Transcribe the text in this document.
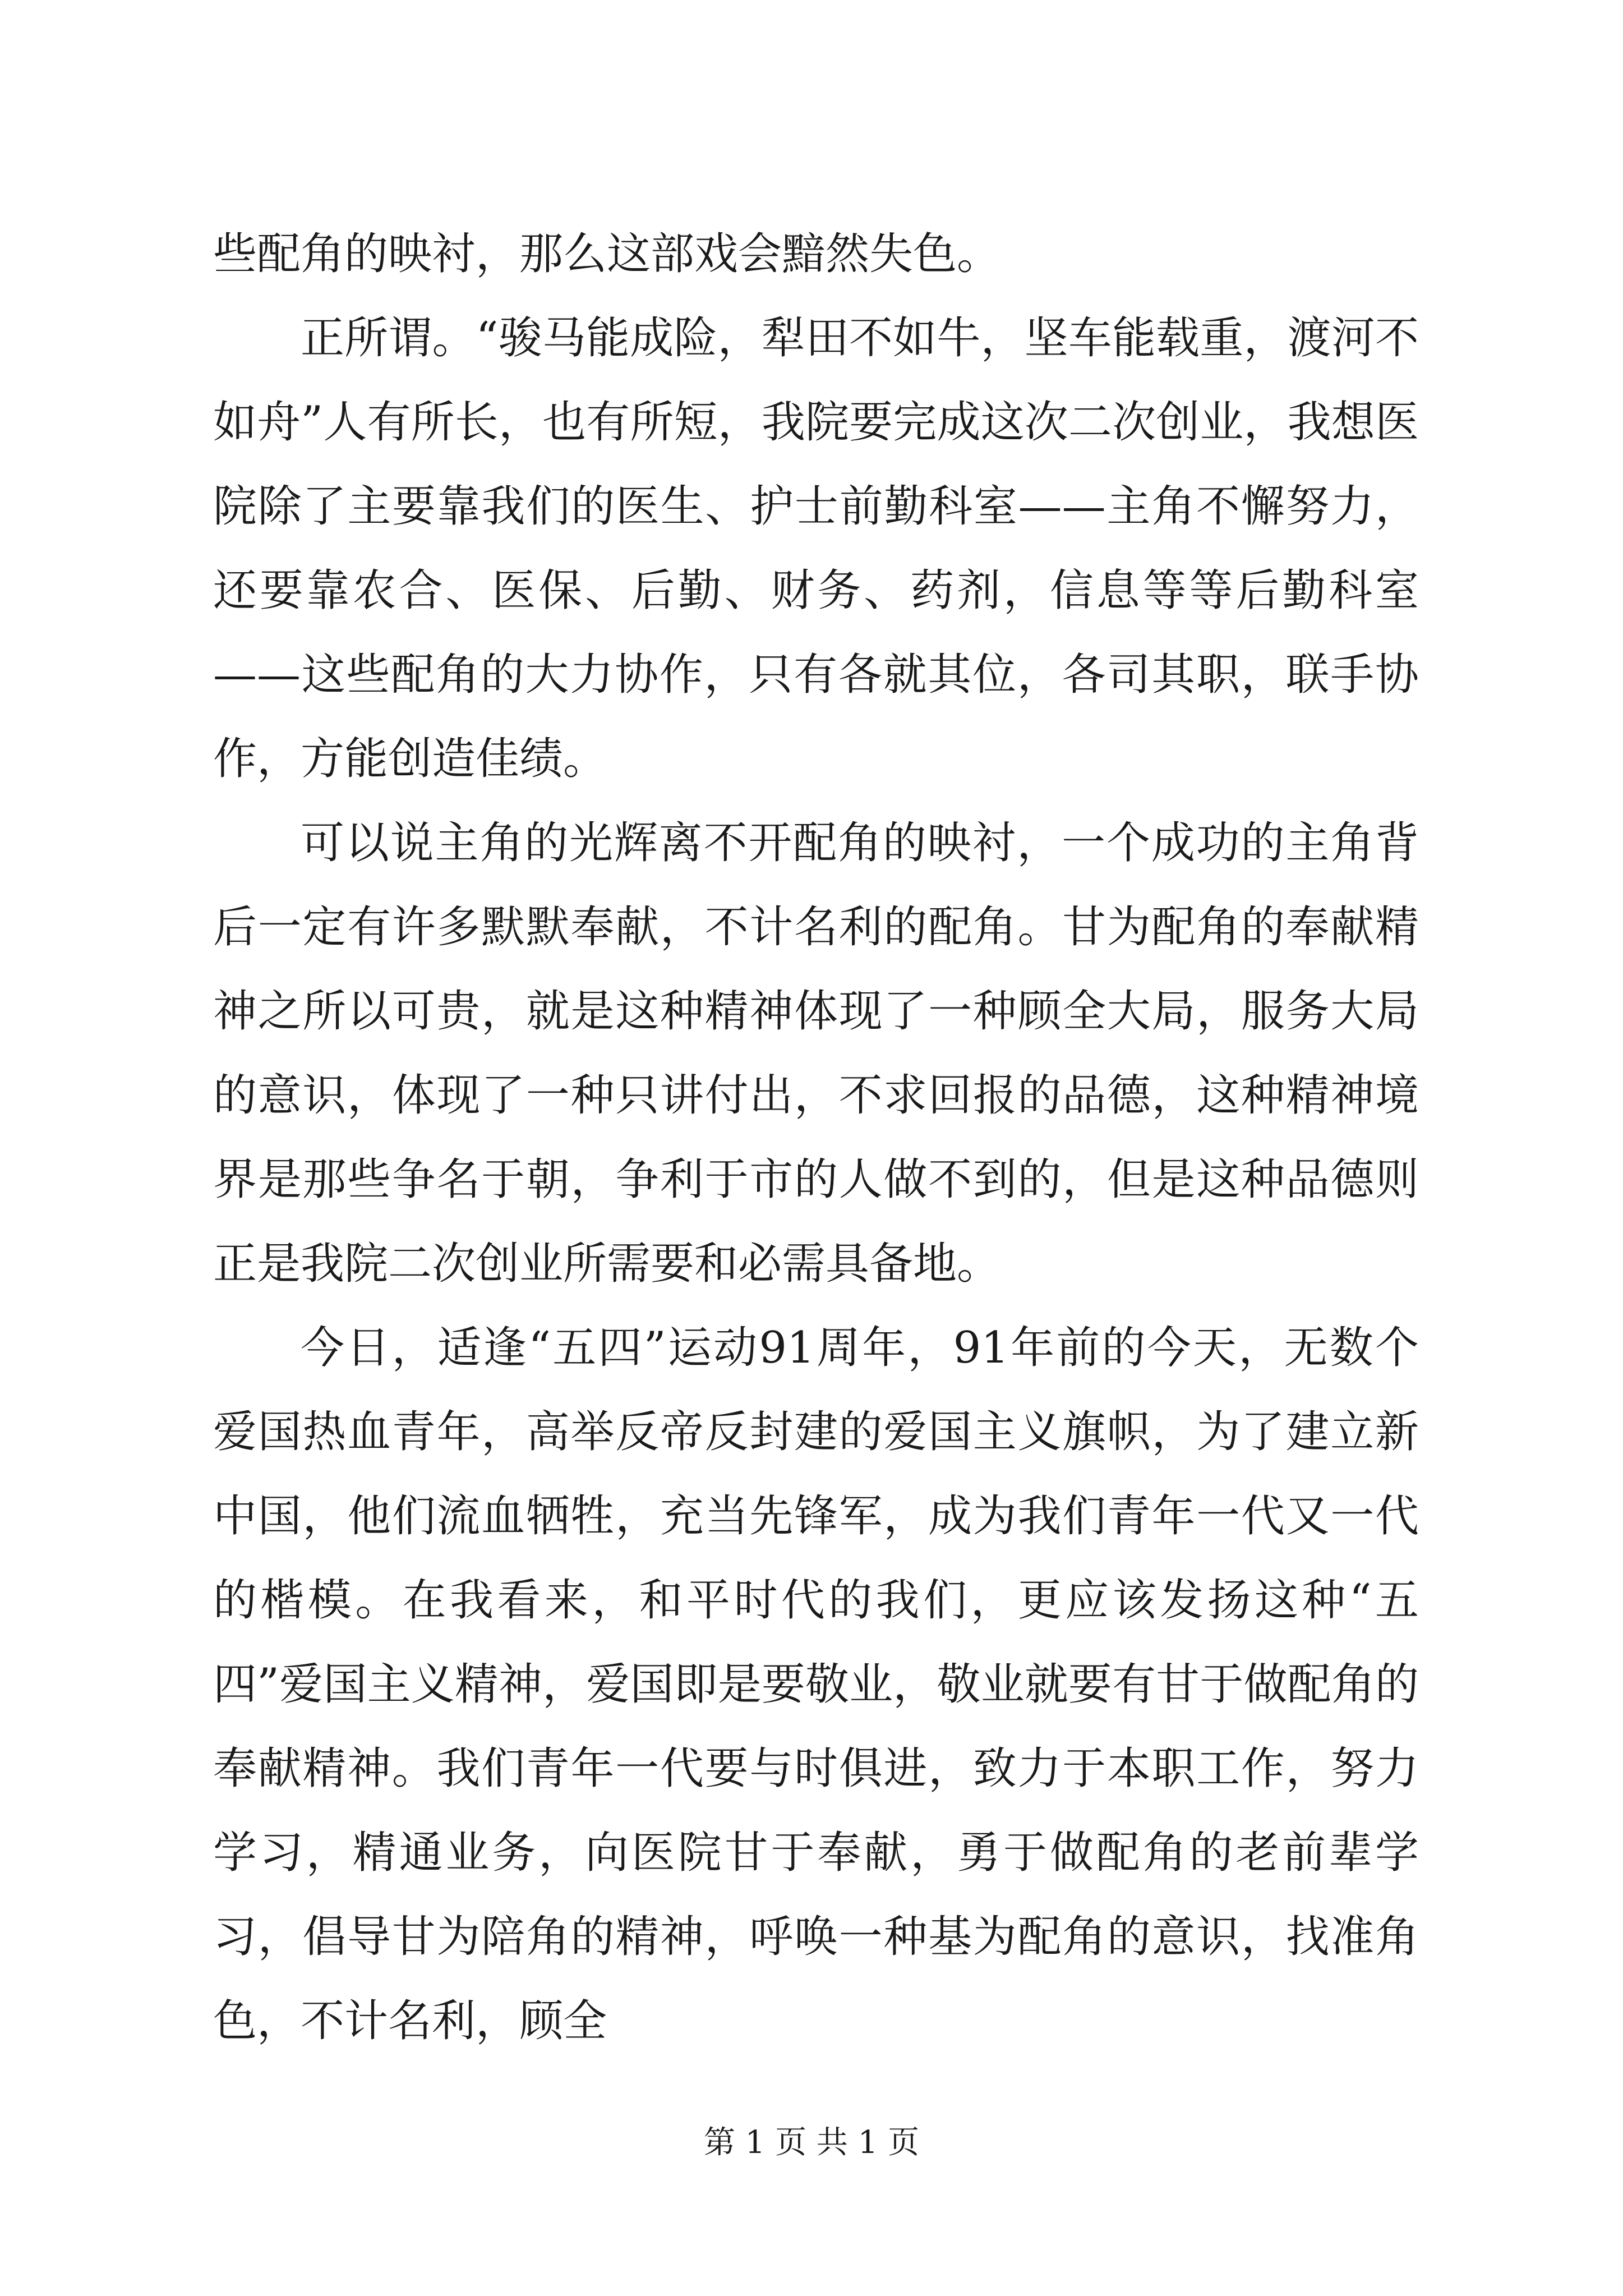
些配角的映衬，那么这部戏会黯然失色。

正所谓。“骏马能成险，犁田不如牛，坚车能载重，渡河不如舟”人有所长，也有所短，我院要完成这次二次创业，我想医院除了主要靠我们的医生、护士前勤科室——主角不懈努力，还要靠农合、医保、后勤、财务、药剂，信息等等后勤科室——这些配角的大力协作，只有各就其位，各司其职，联手协作，方能创造佳绩。

可以说主角的光辉离不开配角的映衬，一个成功的主角背后一定有许多默默奉献，不计名利的配角。甘为配角的奉献精神之所以可贵，就是这种精神体现了一种顾全大局，服务大局的意识，体现了一种只讲付出，不求回报的品德，这种精神境界是那些争名于朝，争利于市的人做不到的，但是这种品德则正是我院二次创业所需要和必需具备地。

今日，适逢“五四”运动91周年，91年前的今天，无数个爱国热血青年，高举反帝反封建的爱国主义旗帜，为了建立新中国，他们流血牺牲，充当先锋军，成为我们青年一代又一代的楷模。在我看来，和平时代的我们，更应该发扬这种“五四”爱国主义精神，爱国即是要敬业，敬业就要有甘于做配角的奉献精神。我们青年一代要与时俱进，致力于本职工作，努力学习，精通业务，向医院甘于奉献，勇于做配角的老前辈学习，倡导甘为陪角的精神，呼唤一种基为配角的意识，找准角色，不计名利，顾全

第 1 页 共 1 页
